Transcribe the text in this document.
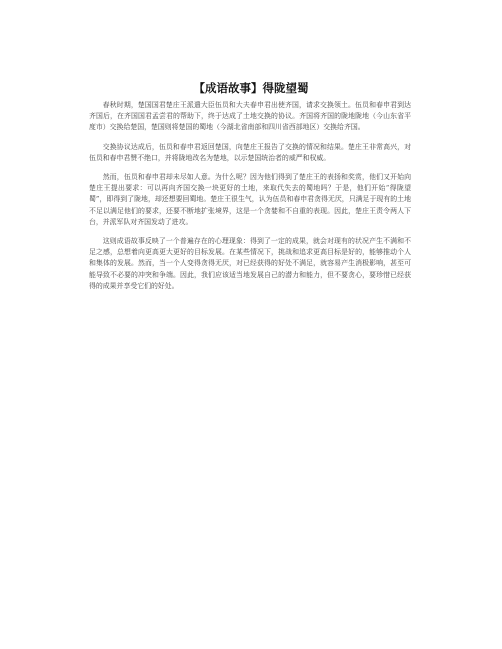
【成语故事】得陇望蜀

春秋时期，楚国国君楚庄王派遣大臣伍员和大夫春申君出使齐国，请求交换领土。伍员和春申君到达齐国后，在齐国国君孟尝君的帮助下，终于达成了土地交换的协议。齐国将齐国的陇地陇地（今山东省平度市）交换给楚国，楚国则将楚国的蜀地（今湖北省南部和四川省西部地区）交换给齐国。

交换协议达成后，伍员和春申君返回楚国，向楚庄王报告了交换的情况和结果。楚庄王非常高兴，对伍员和春申君赞不绝口，并将陇地改名为楚地，以示楚国统治者的威严和权威。

然而，伍员和春申君却未尽如人意。为什么呢？因为他们得到了楚庄王的表扬和奖赏，他们又开始向楚庄王提出要求：可以再向齐国交换一块更好的土地，来取代失去的蜀地吗？于是，他们开始“得陇望蜀”，即得到了陇地，却还想要回蜀地。楚庄王很生气，认为伍员和春申君贪得无厌，只满足于现有的土地不足以满足他们的要求，还要不断地扩张境界，这是一个贪婪和不自重的表现。因此，楚庄王责令两人下台，并派军队对齐国发动了进攻。

这则成语故事反映了一个普遍存在的心理现象：得到了一定的成果，就会对现有的状况产生不满和不足之感，总想着向更高更大更好的目标发展。在某些情况下，挑战和追求更高目标是好的，能够推动个人和集体的发展。然而，当一个人变得贪得无厌，对已经获得的好处不满足，就容易产生消极影响，甚至可能导致不必要的冲突和争端。因此，我们应该适当地发展自己的潜力和能力，但不要贪心，要珍惜已经获得的成果并享受它们的好处。
